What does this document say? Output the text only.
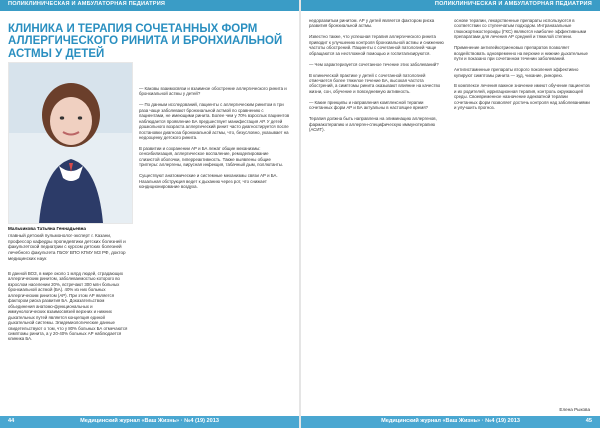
ПОЛИКЛИНИЧЕСКАЯ И АМБУЛАТОРНАЯ ПЕДИАТРИЯ
КЛИНИКА И ТЕРАПИЯ СОЧЕТАННЫХ ФОРМ АЛЛЕРГИЧЕСКОГО РИНИТА И БРОНХИАЛЬНОЙ АСТМЫ У ДЕТЕЙ
Мальчикова Татьяна Геннадьевна
главный детский пульмонолог-эксперт г. Казани, профессор кафедры пропедевтики детских болезней и факультетской педиатрии с курсом детских болезней лечебного факультета ГБОУ ВПО КГМУ МЗ РФ, доктор медицинских наук
В данной ВОЗ, в мире около 1 млрд людей, страдающих аллергическим ринитом, заболеваемостью которого во взрослом населении 20%, встречают 300 млн больных бронхиальной астмой (БА). 40% из них больных аллергическим ринитом (АР). При этом АР является фактором риска развития БА. Доказательством объединения анатомо-функциональных и иммунологических взаимосвязей верхних и нижних дыхательных путей является концепция единой дыхательной системы. Эпидемиологические данные свидетельствуют о том, что у 80% больных БА отмечаются симптомы ринита, а у 20-40% больных АР наблюдается клиника БА.
— Каковы взаимосвязи и взаимное обострение аллергического ринита и бронхиальной астмы у детей?

— По данным исследований, пациенты с аллергическим ринитом в три раза чаще заболевают бронхиальной астмой по сравнению с пациентами, не имеющими ринита. Более чем у 70% взрослых пациентов наблюдается проявление БА предшествует манифестация АР. У детей дошкольного возраста аллергический ринит часто диагностируется после постановки диагноза бронхиальной астмы, что, безусловно, указывает на недооценку детского ринита.

В развитии и сохранении АР и БА лежат общие механизмы: сенсибилизация, аллергическое воспаление, ремоделирование слизистой оболочки, гиперреактивность. Также выявлены общие триггеры: аллергены, вирусная инфекция, табачный дым, поллютанты.

Существуют анатомические и системные механизмы связи АР и БА. Назальная обструкция ведет к дыханию через рот, что снижает кондиционирование воздуха.
44	Медицинский журнал «Ваш Жизнь» · №4 (19) 2013
ПОЛИКЛИНИЧЕСКАЯ И АМБУЛАТОРНАЯ ПЕДИАТРИЯ
недоразвитым ринитом. АР у детей является фактором риска развития бронхиальной астмы.

Известно также, что успешная терапия аллергического ринита приводит к улучшению контроля бронхиальной астмы и снижению частоты обострений. Пациенты с сочетанной патологией чаще обращаются за неотложной помощью и госпитализируются.

— Чем характеризуется сочетанное течение этих заболеваний?

В клинической практике у детей с сочетанной патологией отмечается более тяжелое течение БА, высокая частота обострений, а симптомы ринита оказывают влияние на качество жизни, сон, обучение и повседневную активность.

— Какие принципы и направления комплексной терапии сочетанных форм АР и БА актуальны в настоящее время?

Терапия должна быть направлена на элиминацию аллергенов, фармакотерапию и аллерген-специфическую иммунотерапию (АСИТ).
основе терапии, лекарственные препараты используются в соответствии со ступенчатым подходом. Интраназальные глюкокортикостероиды (ГКС) являются наиболее эффективными препаратами для лечения АР средней и тяжелой степени.

Применение антилейкотриеновых препаратов позволяет воздействовать одновременно на верхние и нижние дыхательные пути и показано при сочетанном течении заболеваний.

Антигистаминные препараты второго поколения эффективно купируют симптомы ринита — зуд, чихание, ринорею.

В комплексе лечения важное значение имеют обучение пациентов и их родителей, ирригационная терапия, контроль окружающей среды. Своевременное назначение адекватной терапии сочетанных форм позволяет достичь контроля над заболеваниями и улучшить прогноз.
Елена Рыкова
Медицинский журнал «Ваш Жизнь» · №4 (19) 2013	45
